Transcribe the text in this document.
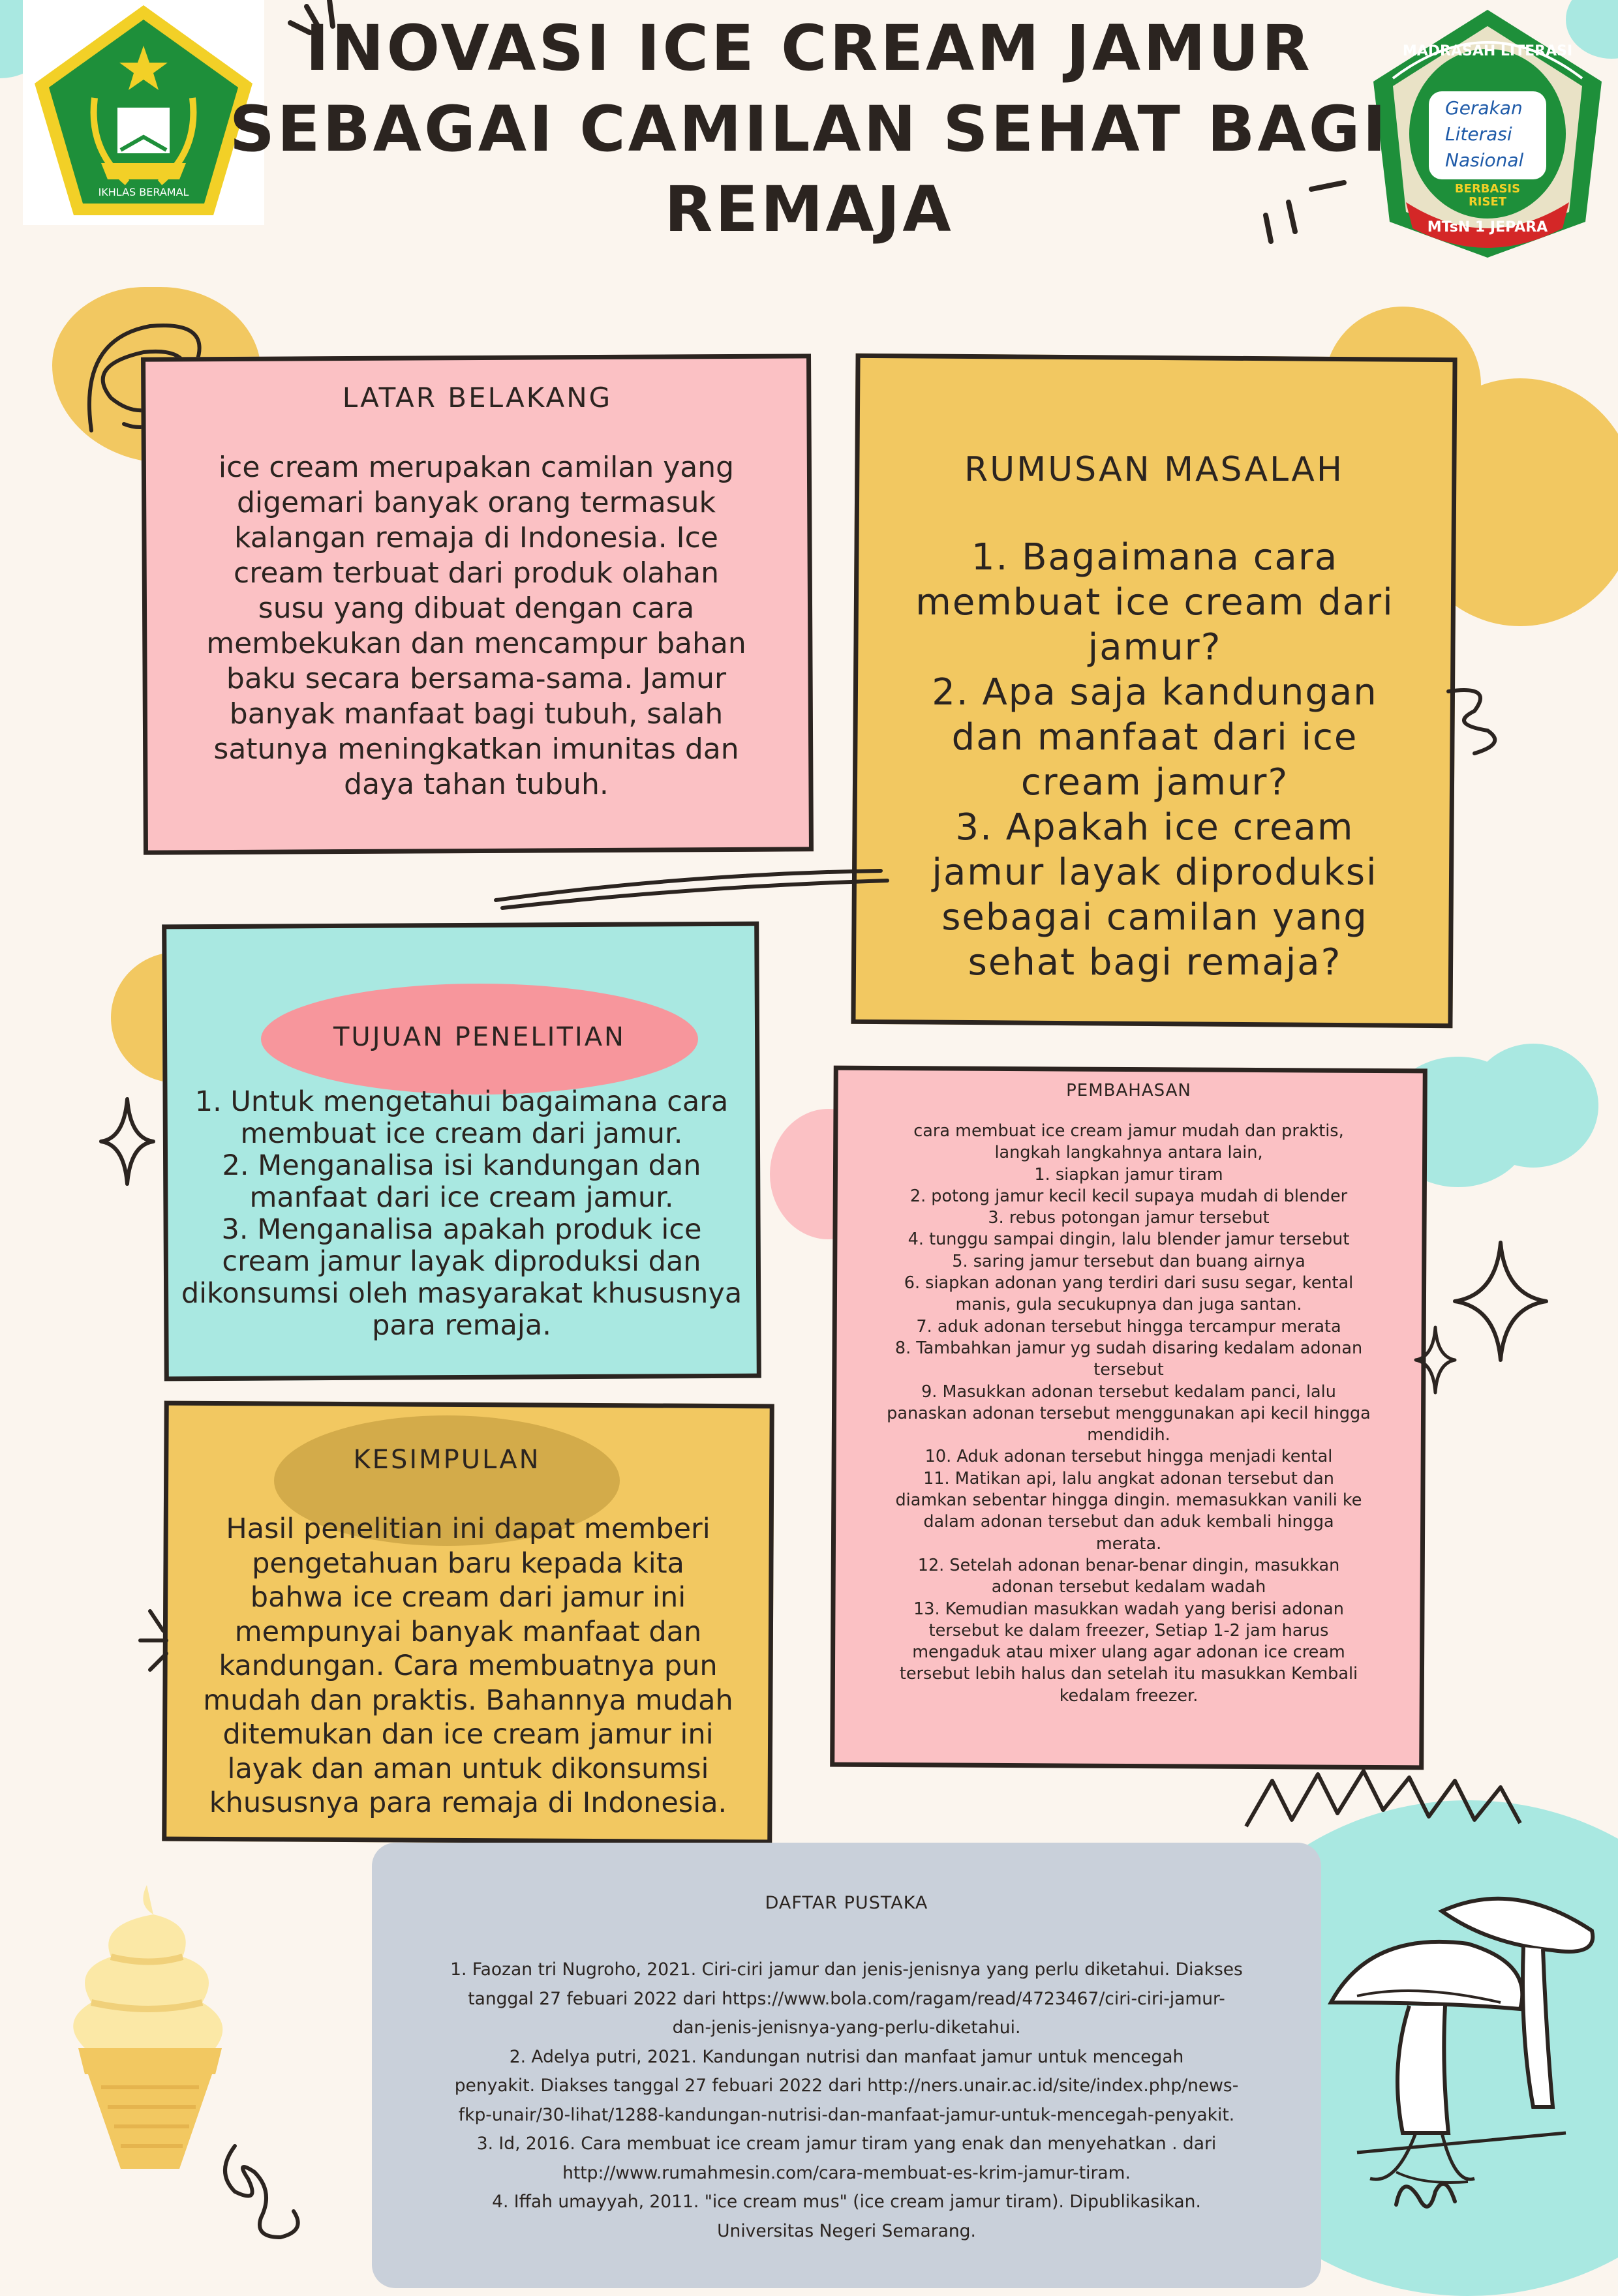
IKHLAS BERAMAL
MADRASAH LITERASI
Gerakan
Literasi
Nasional
BERBASIS
RISET
MTsN 1 JEPARA
INOVASI ICE CREAM JAMUR
SEBAGAI CAMILAN SEHAT BAGI
REMAJA
LATAR BELAKANG
ice cream merupakan camilan yang
digemari banyak orang termasuk
kalangan remaja di Indonesia. Ice
cream terbuat dari produk olahan
susu yang dibuat dengan cara
membekukan dan mencampur bahan
baku secara bersama-sama. Jamur
banyak manfaat bagi tubuh, salah
satunya meningkatkan imunitas dan
daya tahan tubuh.
RUMUSAN MASALAH
1. Bagaimana cara
membuat ice cream dari
jamur?
2. Apa saja kandungan
dan manfaat dari ice
cream jamur?
3. Apakah ice cream
jamur layak diproduksi
sebagai camilan yang
sehat bagi remaja?
TUJUAN PENELITIAN
1. Untuk mengetahui bagaimana cara
membuat ice cream dari jamur.
2. Menganalisa isi kandungan dan
manfaat dari ice cream jamur.
3. Menganalisa apakah produk ice
cream jamur layak diproduksi dan
dikonsumsi oleh masyarakat khususnya
para remaja.
PEMBAHASAN
cara membuat ice cream jamur mudah dan praktis,
langkah langkahnya antara lain,
1. siapkan jamur tiram
2. potong jamur kecil kecil supaya mudah di blender
3. rebus potongan jamur tersebut
4. tunggu sampai dingin, lalu blender jamur tersebut
5. saring jamur tersebut dan buang airnya
6. siapkan adonan yang terdiri dari susu segar, kental
manis, gula secukupnya dan juga santan.
7. aduk adonan tersebut hingga tercampur merata
8. Tambahkan jamur yg sudah disaring kedalam adonan
tersebut
9. Masukkan adonan tersebut kedalam panci, lalu
panaskan adonan tersebut menggunakan api kecil hingga
mendidih.
10. Aduk adonan tersebut hingga menjadi kental
11. Matikan api, lalu angkat adonan tersebut dan
diamkan sebentar hingga dingin. memasukkan vanili ke
dalam adonan tersebut dan aduk kembali hingga
merata.
12. Setelah adonan benar-benar dingin, masukkan
adonan tersebut kedalam wadah
13. Kemudian masukkan wadah yang berisi adonan
tersebut ke dalam freezer, Setiap 1-2 jam harus
mengaduk atau mixer ulang agar adonan ice cream
tersebut lebih halus dan setelah itu masukkan Kembali
kedalam freezer.
KESIMPULAN
Hasil penelitian ini dapat memberi
pengetahuan baru kepada kita
bahwa ice cream dari jamur ini
mempunyai banyak manfaat dan
kandungan. Cara membuatnya pun
mudah dan praktis. Bahannya mudah
ditemukan dan ice cream jamur ini
layak dan aman untuk dikonsumsi
khususnya para remaja di Indonesia.
DAFTAR PUSTAKA
1. Faozan tri Nugroho, 2021. Ciri-ciri jamur dan jenis-jenisnya yang perlu diketahui. Diakses
tanggal 27 febuari 2022 dari https://www.bola.com/ragam/read/4723467/ciri-ciri-jamur-
dan-jenis-jenisnya-yang-perlu-diketahui.
2. Adelya putri, 2021. Kandungan nutrisi dan manfaat jamur untuk mencegah
penyakit. Diakses tanggal 27 febuari 2022 dari http://ners.unair.ac.id/site/index.php/news-
fkp-unair/30-lihat/1288-kandungan-nutrisi-dan-manfaat-jamur-untuk-mencegah-penyakit.
3. Id, 2016. Cara membuat ice cream jamur tiram yang enak dan menyehatkan . dari
http://www.rumahmesin.com/cara-membuat-es-krim-jamur-tiram.
4. Iffah umayyah, 2011. "ice cream mus" (ice cream jamur tiram). Dipublikasikan.
Universitas Negeri Semarang.
